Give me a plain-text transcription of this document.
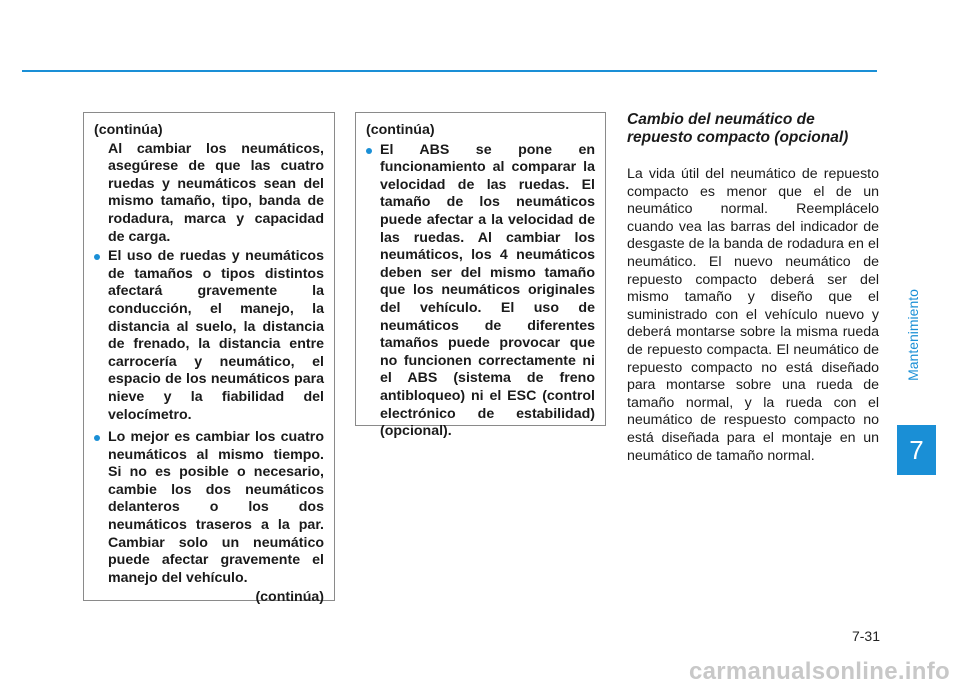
(continúa)
Al cambiar los neumáticos, asegúrese de que las cuatro ruedas y neumáticos sean del mismo tamaño, tipo, banda de rodadura, marca y capacidad de carga.
El uso de ruedas y neumáticos de tamaños o tipos distintos afectará gravemente la conducción, el manejo, la distancia al suelo, la distancia de frenado, la distancia entre carrocería y neumático, el espacio de los neumáticos para nieve y la fiabilidad del velocímetro.
Lo mejor es cambiar los cuatro neumáticos al mismo tiempo. Si no es posible o necesario, cambie los dos neumáticos delanteros o los dos neumáticos traseros a la par. Cambiar solo un neumático puede afectar gravemente el manejo del vehículo.
(continúa)
(continúa)
El ABS se pone en funcionamiento al comparar la velocidad de las ruedas. El tamaño de los neumáticos puede afectar a la velocidad de las ruedas. Al cambiar los neumáticos, los 4 neumáticos deben ser del mismo tamaño que los neumáticos originales del vehículo. El uso de neumáticos de diferentes tamaños puede provocar que no funcionen correctamente ni el ABS (sistema de freno antibloqueo) ni el ESC (control electrónico de estabilidad) (opcional).
Cambio del neumático de repuesto compacto (opcional)
La vida útil del neumático de repuesto compacto es menor que el de un neumático normal. Reemplácelo cuando vea las barras del indicador de desgaste de la banda de rodadura en el neumático. El nuevo neumático de repuesto compacto deberá ser del mismo tamaño y diseño que el suministrado con el vehículo nuevo y deberá montarse sobre la misma rueda de repuesto compacta. El neumático de repuesto compacto no está diseñado para montarse sobre una rueda de tamaño normal, y la rueda con el neumático de respuesto compacto no está diseñada para el montaje en un neumático de tamaño normal.
Mantenimiento
7
7-31
carmanualsonline.info
